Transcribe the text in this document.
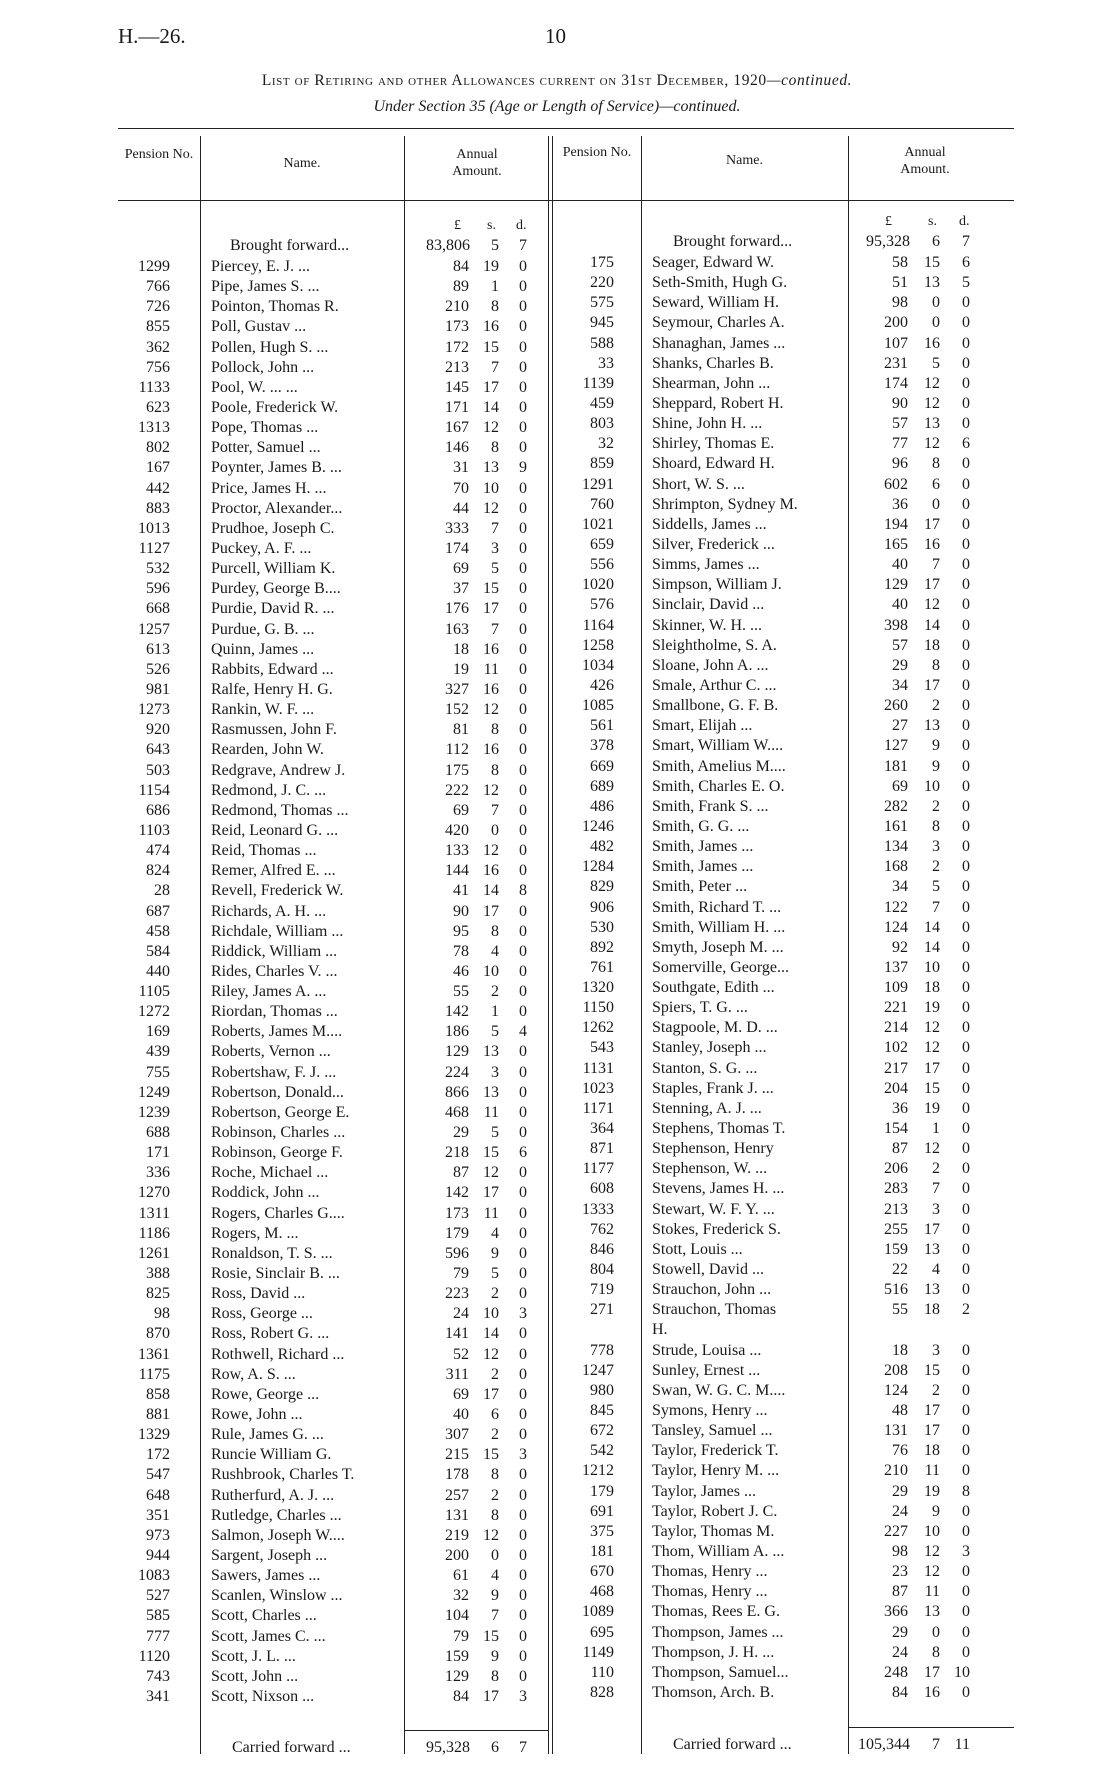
H.—26.	10
List of Retiring and other Allowances current on 31st December, 1920—continued.
Under Section 35 (Age or Length of Service)—continued.
Pension No.
Name.
Annual Amount.
Pension No.
Name.
Annual Amount.
£ s. d.	£	s. d.
Brought forward...	83,806	5	7	Brought forward...	95,328	6	7
1299	Piercey, E. J. ...	84 19	0
766	Pipe, James S. ...	89	1	0
726	Pointon, Thomas R.	210	8	0
855	Poll, Gustav ...	173 16	0
362	Pollen, Hugh S. ...	172 15	0
756	Pollock, John ...	213	7	0
1133	Pool, W. ... ...	145 17	0
623	Poole, Frederick W.	171 14	0
1313	Pope, Thomas ...	167 12	0
802	Potter, Samuel ...	146	8	0
167	Poynter, James B. ...	31 13	9
442	Price, James H. ...	70 10	0
883	Proctor, Alexander...	44 12	0
1013	Prudhoe, Joseph C.	333	7	0
1127	Puckey, A. F. ...	174	3	0
532	Purcell, William K.	69	5	0
596	Purdey, George B....	37 15	0
668	Purdie, David R. ...	176 17	0
1257	Purdue, G. B. ...	163	7	0
613	Quinn, James ...	18 16	0
526	Rabbits, Edward ...	19 11	0
981	Ralfe, Henry H. G.	327 16	0
1273	Rankin, W. F. ...	152 12	0
920	Rasmussen, John F.	81	8	0
643	Rearden, John W.	112 16	0
503	Redgrave, Andrew J.	175	8	0
1154	Redmond, J. C. ...	222 12	0
686	Redmond, Thomas ...	69	7	0
1103	Reid, Leonard G. ...	420	0	0
474	Reid, Thomas ...	133 12	0
824	Remer, Alfred E. ...	144 16	0
28	Revell, Frederick W.	41 14	8
687	Richards, A. H. ...	90 17	0
458	Richdale, William ...	95	8	0
584	Riddick, William ...	78	4	0
440	Rides, Charles V. ...	46 10	0
1105	Riley, James A. ...	55	2	0
1272	Riordan, Thomas ...	142	1	0
169	Roberts, James M....	186	5	4
439	Roberts, Vernon ...	129 13	0
755	Robertshaw, F. J. ...	224	3	0
1249	Robertson, Donald...	866 13	0
1239	Robertson, George E.	468 11	0
688	Robinson, Charles ...	29	5	0
171	Robinson, George F.	218 15	6
336	Roche, Michael ...	87 12	0
1270	Roddick, John ...	142 17	0
1311	Rogers, Charles G....	173 11	0
1186	Rogers, M. ...	179	4	0
1261	Ronaldson, T. S. ...	596	9	0
388	Rosie, Sinclair B. ...	79	5	0
825	Ross, David ...	223	2	0
98	Ross, George ...	24 10	3
870	Ross, Robert G. ...	141 14	0
1361	Rothwell, Richard ...	52 12	0
1175	Row, A. S. ...	311	2	0
858	Rowe, George ...	69 17	0
881	Rowe, John ...	40	6	0
1329	Rule, James G. ...	307	2	0
172	Runcie William G.	215 15	3
547	Rushbrook, Charles T.	178	8	0
648	Rutherfurd, A. J. ...	257	2	0
351	Rutledge, Charles ...	131	8	0
973	Salmon, Joseph W....	219 12	0
944	Sargent, Joseph ...	200	0	0
1083	Sawers, James ...	61	4	0
527	Scanlen, Winslow ...	32	9	0
585	Scott, Charles ...	104	7	0
777	Scott, James C. ...	79 15	0
1120	Scott, J. L. ...	159	9	0
743	Scott, John ...	129	8	0
341	Scott, Nixson ...	84 17	3
175 Seager, Edward W.	58	15	6
220 Seth-Smith, Hugh G.	51	13	5
575 Seward, William H.	98	0	0
945 Seymour, Charles A.	200	0	0
588 Shanaghan, James ...	107	16	0
33 Shanks, Charles B.	231	5	0
1139 Shearman, John ...	174	12	0
459 Sheppard, Robert H.	90	12	0
803 Shine, John H. ...	57	13	0
32 Shirley, Thomas E.	77	12	6
859 Shoard, Edward H.	96	8	0
1291 Short, W. S. ...	602	6	0
760 Shrimpton, Sydney M.	36	0	0
1021 Siddells, James ...	194	17	0
659 Silver, Frederick ...	165	16	0
556 Simms, James ...	40	7	0
1020 Simpson, William J.	129	17	0
576 Sinclair, David ...	40	12	0
1164 Skinner, W. H. ...	398	14	0
1258 Sleightholme, S. A.	57	18	0
1034 Sloane, John A. ...	29	8	0
426 Smale, Arthur C. ...	34	17	0
1085 Smallbone, G. F. B.	260	2	0
561 Smart, Elijah ...	27	13	0
378 Smart, William W....	127	9	0
669 Smith, Amelius M....	181	9	0
689 Smith, Charles E. O.	69	10	0
486 Smith, Frank S. ...	282	2	0
1246 Smith, G. G. ...	161	8	0
482 Smith, James ...	134	3	0
1284 Smith, James ...	168	2	0
829 Smith, Peter ...	34	5	0
906 Smith, Richard T. ...	122	7	0
530 Smith, William H. ...	124	14	0
892 Smyth, Joseph M. ...	92	14	0
761 Somerville, George...	137	10	0
1320 Southgate, Edith ...	109	18	0
1150 Spiers, T. G. ...	221	19	0
1262 Stagpoole, M. D. ...	214	12	0
543 Stanley, Joseph ...	102	12	0
1131 Stanton, S. G. ...	217	17	0
1023 Staples, Frank J. ...	204	15	0
1171 Stenning, A. J. ...	36	19	0
364 Stephens, Thomas T.	154	1	0
871 Stephenson, Henry	87	12	0
1177 Stephenson, W. ...	206	2	0
608 Stevens, James H. ...	283	7	0
1333 Stewart, W. F. Y. ...	213	3	0
762 Stokes, Frederick S.	255	17	0
846 Stott, Louis ...	159	13	0
804 Stowell, David ...	22	4	0
719 Strauchon, John ...	516	13	0
271 Strauchon, Thomas	55	18	2
H.
778 Strude, Louisa ...	18	3	0
1247 Sunley, Ernest ...	208	15	0
980 Swan, W. G. C. M....	124	2	0
845 Symons, Henry ...	48	17	0
672 Tansley, Samuel ...	131	17	0
542 Taylor, Frederick T.	76	18	0
1212 Taylor, Henry M. ...	210	11	0
179 Taylor, James ...	29	19	8
691 Taylor, Robert J. C.	24	9	0
375 Taylor, Thomas M.	227	10	0
181 Thom, William A. ...	98	12	3
670 Thomas, Henry ...	23	12	0
468 Thomas, Henry ...	87	11	0
1089 Thomas, Rees E. G.	366	13	0
695 Thompson, James ...	29	0	0
1149 Thompson, J. H. ...	24	8	0
110 Thompson, Samuel...	248	17 10
828 Thomson, Arch. B.	84	16	0
Carried forward ...	95,328	6	7	Carried forward ...	105,344	7 11
